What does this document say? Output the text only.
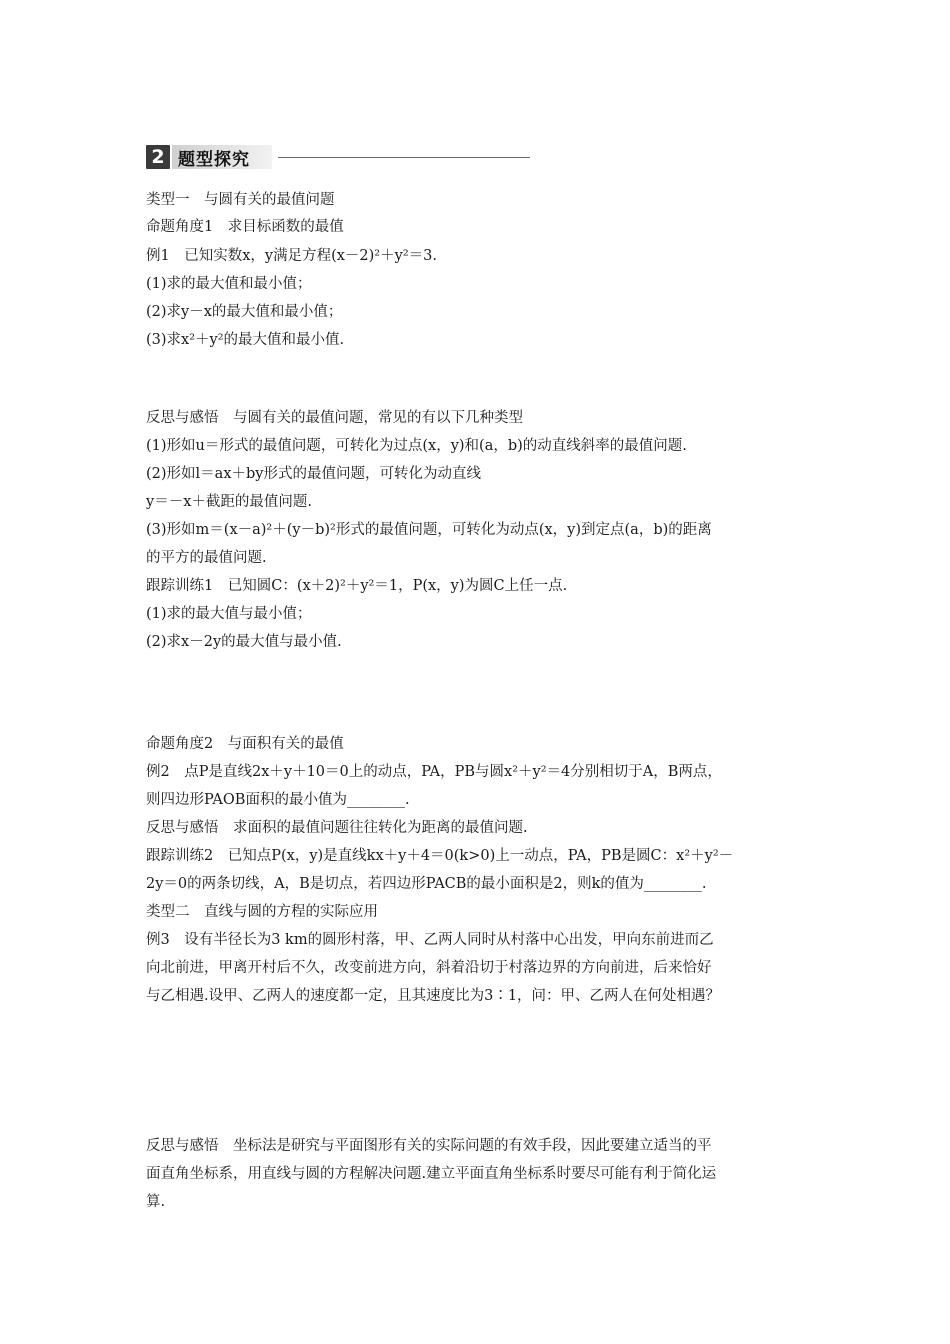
2 题型探究
类型一　与圆有关的最值问题
命题角度1　求目标函数的最值
例1　已知实数x，y满足方程(x－2)²＋y²＝3.
(1)求的最大值和最小值；
(2)求y－x的最大值和最小值；
(3)求x²＋y²的最大值和最小值.
反思与感悟　与圆有关的最值问题，常见的有以下几种类型
(1)形如u＝形式的最值问题，可转化为过点(x，y)和(a，b)的动直线斜率的最值问题.
(2)形如l＝ax＋by形式的最值问题，可转化为动直线
y＝－x＋截距的最值问题.
(3)形如m＝(x－a)²＋(y－b)²形式的最值问题，可转化为动点(x，y)到定点(a，b)的距离
的平方的最值问题.
跟踪训练1　已知圆C：(x＋2)²＋y²＝1，P(x，y)为圆C上任一点.
(1)求的最大值与最小值；
(2)求x－2y的最大值与最小值.
命题角度2　与面积有关的最值
例2　点P是直线2x＋y＋10＝0上的动点，PA，PB与圆x²＋y²＝4分别相切于A，B两点，
则四边形PAOB面积的最小值为________.
反思与感悟　求面积的最值问题往往转化为距离的最值问题.
跟踪训练2　已知点P(x，y)是直线kx＋y＋4＝0(k>0)上一动点，PA，PB是圆C：x²＋y²－
2y＝0的两条切线，A，B是切点，若四边形PACB的最小面积是2，则k的值为________.
类型二　直线与圆的方程的实际应用
例3　设有半径长为3 km的圆形村落，甲、乙两人同时从村落中心出发，甲向东前进而乙
向北前进，甲离开村后不久，改变前进方向，斜着沿切于村落边界的方向前进，后来恰好
与乙相遇.设甲、乙两人的速度都一定，且其速度比为3∶1，问：甲、乙两人在何处相遇？
反思与感悟　坐标法是研究与平面图形有关的实际问题的有效手段，因此要建立适当的平
面直角坐标系，用直线与圆的方程解决问题.建立平面直角坐标系时要尽可能有利于简化运
算.
